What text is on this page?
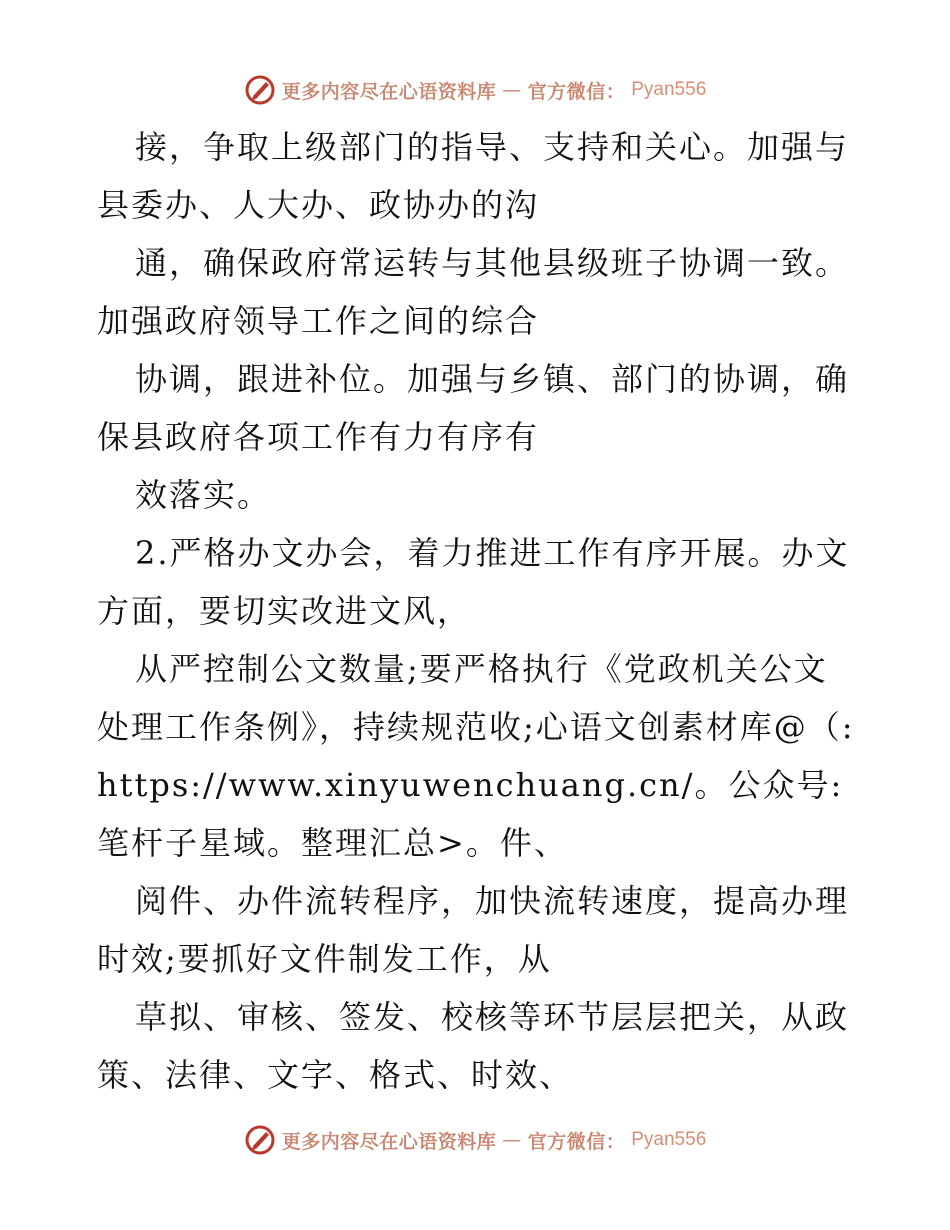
更多内容尽在心语资料库 — 官方微信： Pyan556

接，争取上级部门的指导、支持和关心。加强与县委办、人大办、政协办的沟

通，确保政府常运转与其他县级班子协调一致。加强政府领导工作之间的综合

协调，跟进补位。加强与乡镇、部门的协调，确保县政府各项工作有力有序有

效落实。

2.严格办文办会，着力推进工作有序开展。办文方面，要切实改进文风，

从严控制公文数量;要严格执行《党政机关公文处理工作条例》，持续规范收;心语文创素材库@（: https://www.xinyuwenchuang.cn/。公众号:笔杆子星域。整理汇总>。件、

阅件、办件流转程序，加快流转速度，提高办理时效;要抓好文件制发工作，从

草拟、审核、签发、校核等环节层层把关，从政策、法律、文字、格式、时效、

更多内容尽在心语资料库 — 官方微信： Pyan556
